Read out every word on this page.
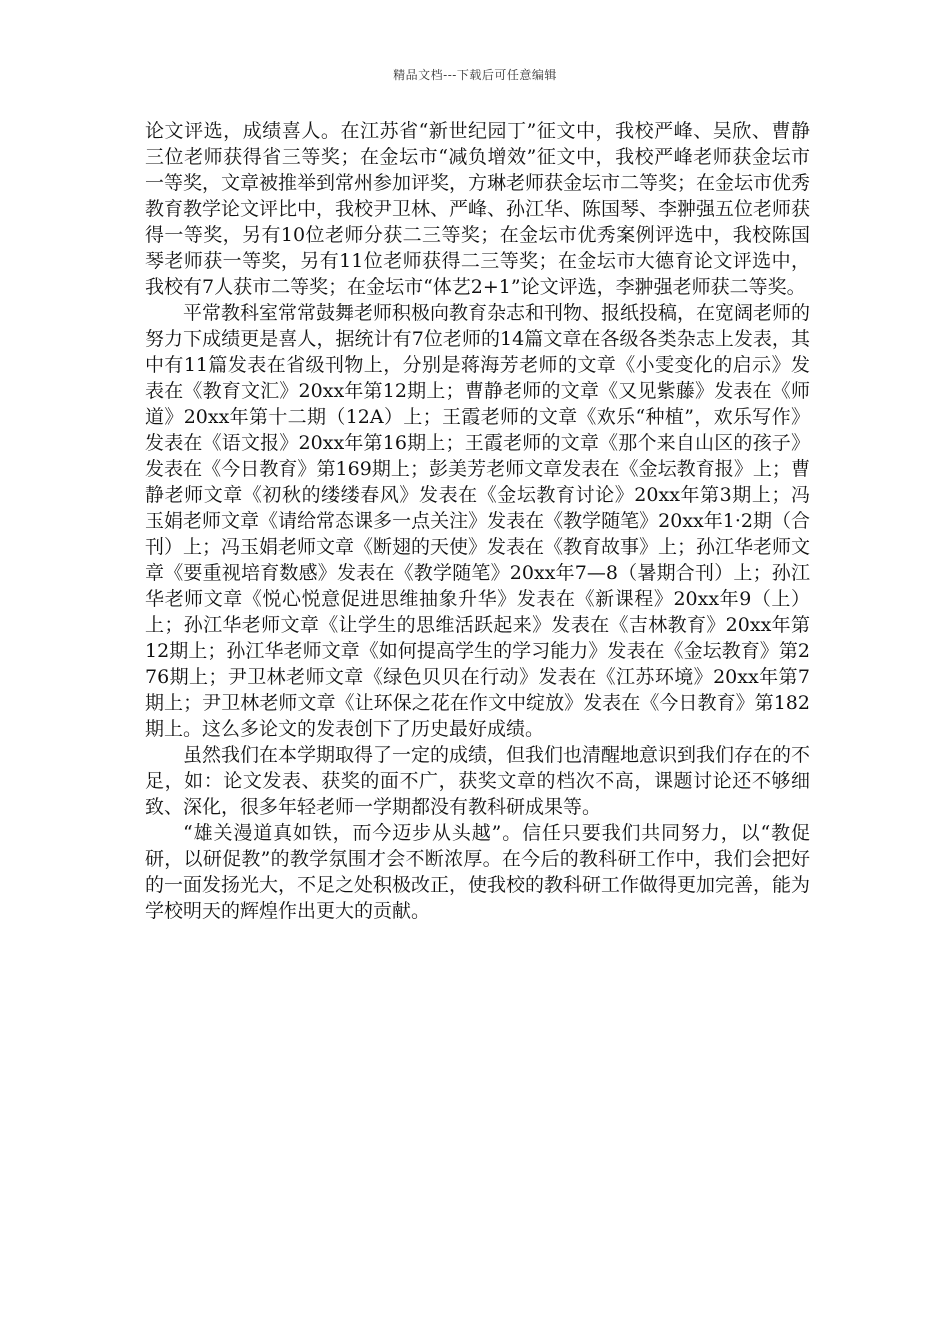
精品文档---下载后可任意编辑

论文评选，成绩喜人。在江苏省“新世纪园丁”征文中，我校严峰、吴欣、曹静三位老师获得省三等奖；在金坛市“减负增效”征文中，我校严峰老师获金坛市一等奖，文章被推举到常州参加评奖，方琳老师获金坛市二等奖；在金坛市优秀教育教学论文评比中，我校尹卫林、严峰、孙江华、陈国琴、李翀强五位老师获得一等奖，另有10位老师分获二三等奖；在金坛市优秀案例评选中，我校陈国琴老师获一等奖，另有11位老师获得二三等奖；在金坛市大德育论文评选中，我校有7人获市二等奖；在金坛市“体艺2+1”论文评选，李翀强老师获二等奖。

平常教科室常常鼓舞老师积极向教育杂志和刊物、报纸投稿，在宽阔老师的努力下成绩更是喜人，据统计有7位老师的14篇文章在各级各类杂志上发表，其中有11篇发表在省级刊物上，分别是蒋海芳老师的文章《小雯变化的启示》发表在《教育文汇》20xx年第12期上；曹静老师的文章《又见紫藤》发表在《师道》20xx年第十二期（12A）上；王霞老师的文章《欢乐“种植”，欢乐写作》发表在《语文报》20xx年第16期上；王霞老师的文章《那个来自山区的孩子》发表在《今日教育》第169期上；彭美芳老师文章发表在《金坛教育报》上；曹静老师文章《初秋的缕缕春风》发表在《金坛教育讨论》20xx年第3期上；冯玉娟老师文章《请给常态课多一点关注》发表在《教学随笔》20xx年1·2期（合刊）上；冯玉娟老师文章《断翅的天使》发表在《教育故事》上；孙江华老师文章《要重视培育数感》发表在《教学随笔》20xx年7—8（暑期合刊）上；孙江华老师文章《悦心悦意促进思维抽象升华》发表在《新课程》20xx年9（上）上；孙江华老师文章《让学生的思维活跃起来》发表在《吉林教育》20xx年第12期上；孙江华老师文章《如何提高学生的学习能力》发表在《金坛教育》第276期上；尹卫林老师文章《绿色贝贝在行动》发表在《江苏环境》20xx年第7期上；尹卫林老师文章《让环保之花在作文中绽放》发表在《今日教育》第182期上。这么多论文的发表创下了历史最好成绩。

虽然我们在本学期取得了一定的成绩，但我们也清醒地意识到我们存在的不足，如：论文发表、获奖的面不广，获奖文章的档次不高，课题讨论还不够细致、深化，很多年轻老师一学期都没有教科研成果等。

“雄关漫道真如铁，而今迈步从头越”。信任只要我们共同努力，以“教促研，以研促教”的教学氛围才会不断浓厚。在今后的教科研工作中，我们会把好的一面发扬光大，不足之处积极改正，使我校的教科研工作做得更加完善，能为学校明天的辉煌作出更大的贡献。
